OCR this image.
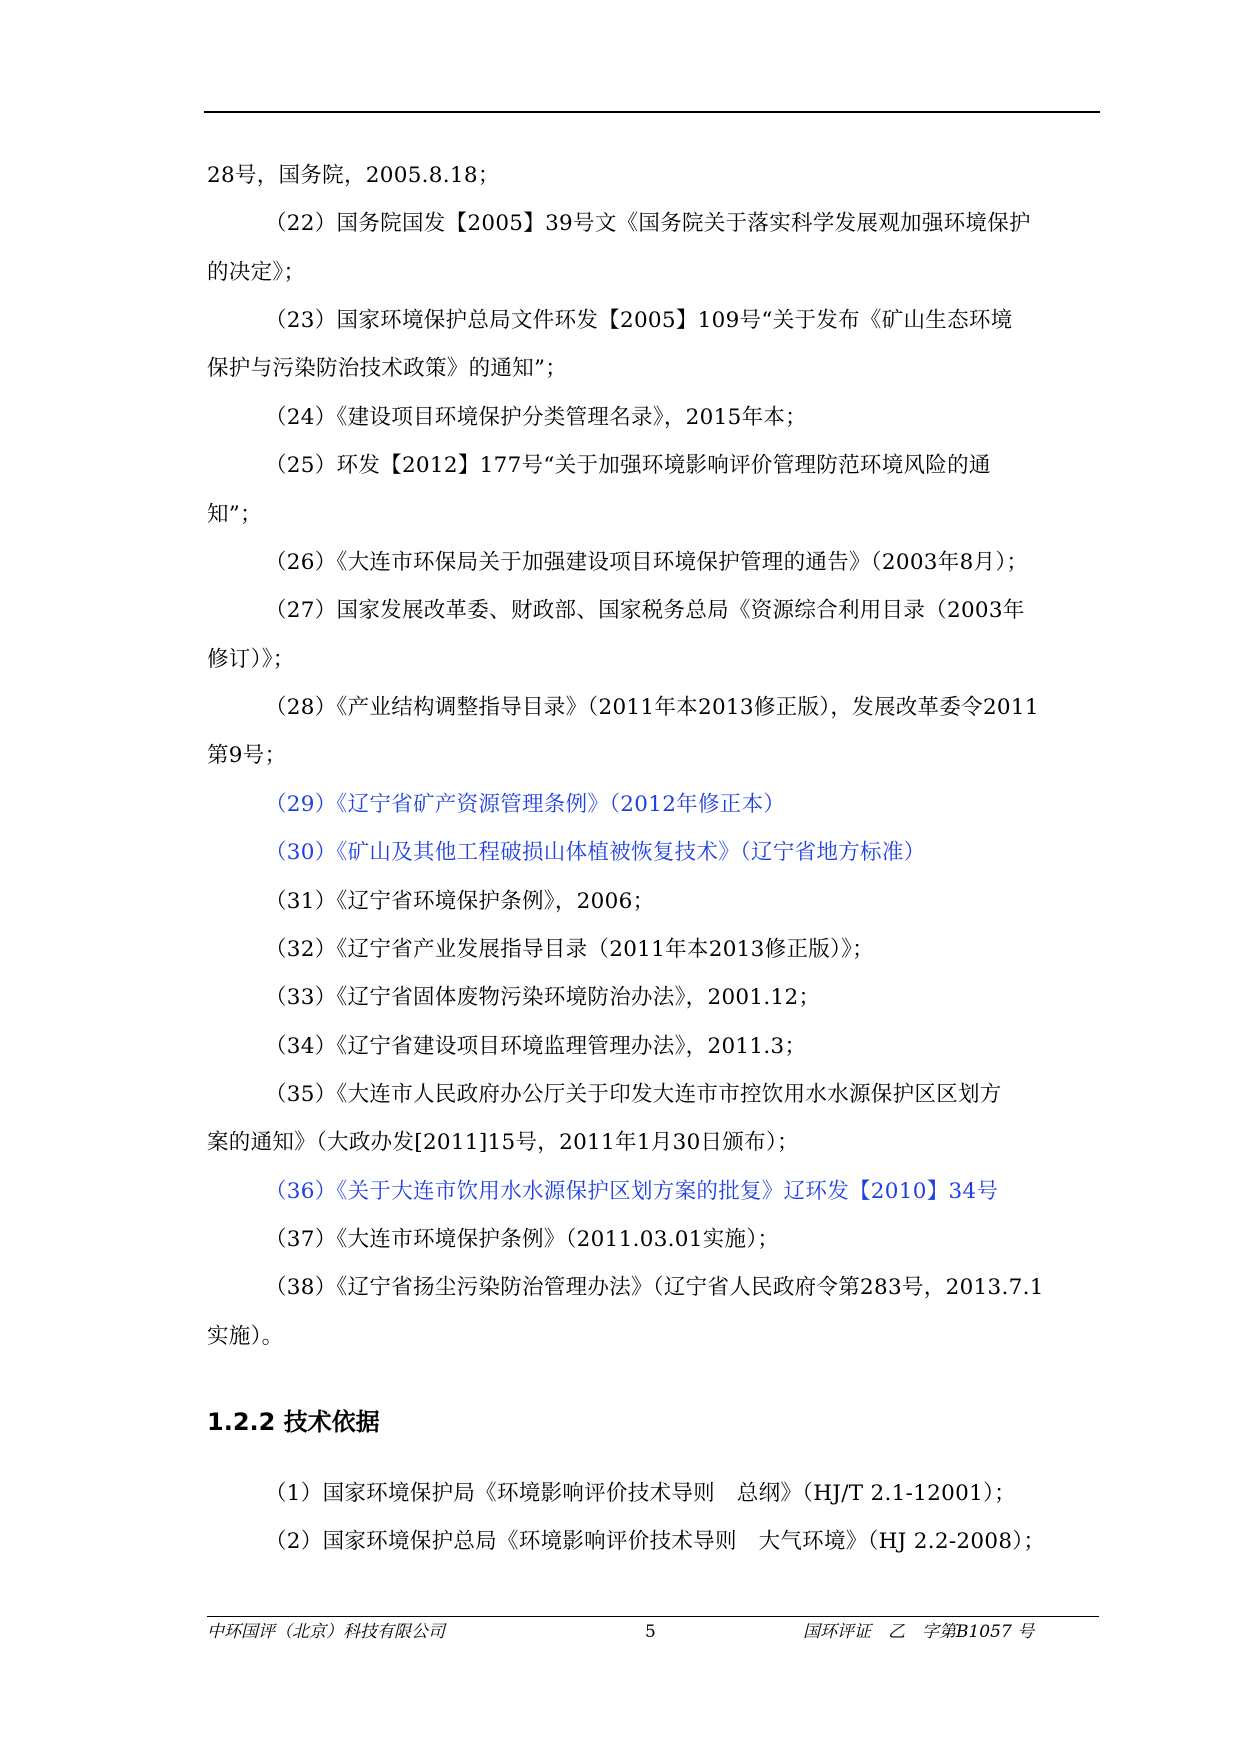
28号，国务院，2005.8.18；
（22）国务院国发【2005】39号文《国务院关于落实科学发展观加强环境保护
的决定》；
（23）国家环境保护总局文件环发【2005】109号“关于发布《矿山生态环境
保护与污染防治技术政策》的通知”；
（24）《建设项目环境保护分类管理名录》，2015年本；
（25）环发【2012】177号“关于加强环境影响评价管理防范环境风险的通
知”；
（26）《大连市环保局关于加强建设项目环境保护管理的通告》（2003年8月）；
（27）国家发展改革委、财政部、国家税务总局《资源综合利用目录（2003年
修订）》；
（28）《产业结构调整指导目录》（2011年本2013修正版），发展改革委令2011
第9号；
（29）《辽宁省矿产资源管理条例》（2012年修正本）
（30）《矿山及其他工程破损山体植被恢复技术》（辽宁省地方标准）
（31）《辽宁省环境保护条例》，2006；
（32）《辽宁省产业发展指导目录（2011年本2013修正版）》；
（33）《辽宁省固体废物污染环境防治办法》，2001.12；
（34）《辽宁省建设项目环境监理管理办法》，2011.3；
（35）《大连市人民政府办公厅关于印发大连市市控饮用水水源保护区区划方
案的通知》（大政办发[2011]15号，2011年1月30日颁布）；
（36）《关于大连市饮用水水源保护区划方案的批复》辽环发【2010】34号
（37）《大连市环境保护条例》（2011.03.01实施）；
（38）《辽宁省扬尘污染防治管理办法》（辽宁省人民政府令第283号，2013.7.1
实施）。
1.2.2 技术依据
（1）国家环境保护局《环境影响评价技术导则　总纲》（HJ/T 2.1-12001）；
（2）国家环境保护总局《环境影响评价技术导则　大气环境》（HJ 2.2-2008）；
中环国评（北京）科技有限公司	5	国环评证　乙　字第B1057 号
